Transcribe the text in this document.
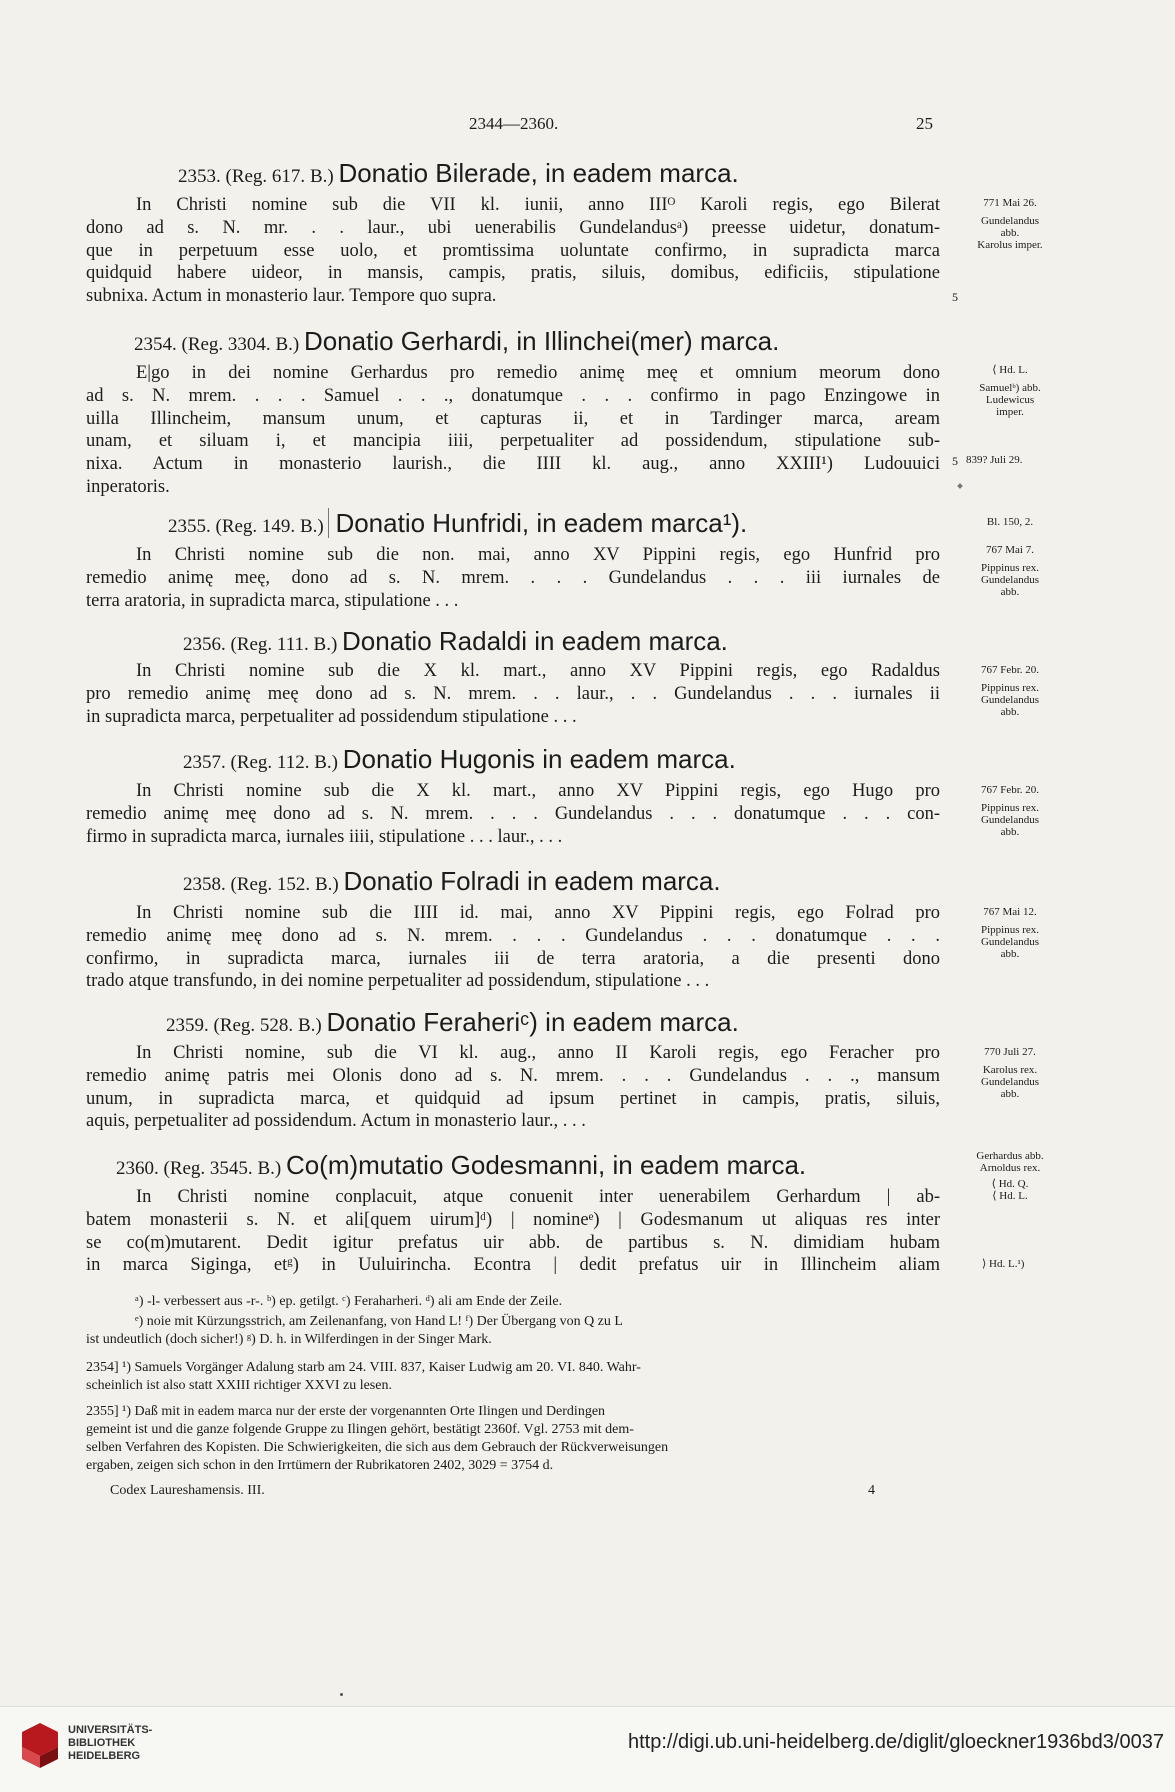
2344—2360.	25
2353. (Reg. 617. B.) Donatio Bilerade, in eadem marca.
In Christi nomine sub die VII kl. iunii, anno IIIᴼ Karoli regis, ego Bilerat
dono ad s. N. mr. . . laur., ubi uenerabilis Gundelandusᵃ) preesse uidetur, donatum-
que in perpetuum esse uolo, et promtissima uoluntate confirmo, in supradicta marca
quidquid habere uideor, in mansis, campis, pratis, siluis, domibus, edificiis, stipulatione
subnixa. Actum in monasterio laur. Tempore quo supra.
771 Mai 26.
Gundelandus
abb.
Karolus imper.
5
2354. (Reg. 3304. B.) Donatio Gerhardi, in Illinchei(mer) marca.
E|go in dei nomine Gerhardus pro remedio animę meę et omnium meorum dono
ad s. N. mrem. . . . Samuel . . ., donatumque . . . confirmo in pago Enzingowe in
uilla Illincheim, mansum unum, et capturas ii, et in Tardinger marca, aream
unam, et siluam i, et mancipia iiii, perpetualiter ad possidendum, stipulatione sub-
nixa. Actum in monasterio laurish., die IIII kl. aug., anno XXIII¹) Ludouuici
inperatoris.
⟨ Hd. L.
Samuelᵇ) abb.
Ludewicus
imper.
5 839? Juli 29.
2355. (Reg. 149. B.) Donatio Hunfridi, in eadem marca¹).
In Christi nomine sub die non. mai, anno XV Pippini regis, ego Hunfrid pro
remedio animę meę, dono ad s. N. mrem. . . . Gundelandus . . . iii iurnales de
terra aratoria, in supradicta marca, stipulatione . . .
Bl. 150, 2.
767 Mai 7.
Pippinus rex.
Gundelandus
abb.
2356. (Reg. 111. B.) Donatio Radaldi in eadem marca.
In Christi nomine sub die X kl. mart., anno XV Pippini regis, ego Radaldus
pro remedio animę meę dono ad s. N. mrem. . . laur., . . Gundelandus . . . iurnales ii
in supradicta marca, perpetualiter ad possidendum stipulatione . . .
767 Febr. 20.
Pippinus rex.
Gundelandus
abb.
2357. (Reg. 112. B.) Donatio Hugonis in eadem marca.
In Christi nomine sub die X kl. mart., anno XV Pippini regis, ego Hugo pro
remedio animę meę dono ad s. N. mrem. . . . Gundelandus . . . donatumque . . . con-
firmo in supradicta marca, iurnales iiii, stipulatione . . . laur., . . .
767 Febr. 20.
Pippinus rex.
Gundelandus
abb.
2358. (Reg. 152. B.) Donatio Folradi in eadem marca.
In Christi nomine sub die IIII id. mai, anno XV Pippini regis, ego Folrad pro
remedio animę meę dono ad s. N. mrem. . . . Gundelandus . . . donatumque . . .
confirmo, in supradicta marca, iurnales iii de terra aratoria, a die presenti dono
trado atque transfundo, in dei nomine perpetualiter ad possidendum, stipulatione . . .
767 Mai 12.
Pippinus rex.
Gundelandus
abb.
2359. (Reg. 528. B.) Donatio Feraheriᶜ) in eadem marca.
In Christi nomine, sub die VI kl. aug., anno II Karoli regis, ego Feracher pro
remedio animę patris mei Olonis dono ad s. N. mrem. . . . Gundelandus . . ., mansum
unum, in supradicta marca, et quidquid ad ipsum pertinet in campis, pratis, siluis,
aquis, perpetualiter ad possidendum. Actum in monasterio laur., . . .
770 Juli 27.
Karolus rex.
Gundelandus
abb.
2360. (Reg. 3545. B.) Co(m)mutatio Godesmanni, in eadem marca.
In Christi nomine conplacuit, atque conuenit inter uenerabilem Gerhardum | ab-
batem monasterii s. N. et ali[quem uirum]ᵈ) | nomineᵉ) | Godesmanum ut aliquas res inter
se co(m)mutarent. Dedit igitur prefatus uir abb. de partibus s. N. dimidiam hubam
in marca Siginga, etᵍ) in Uuluirincha. Econtra | dedit prefatus uir in Illincheim aliam
Gerhardus abb.
Arnoldus rex.
⟨ Hd. Q.
⟨ Hd. L.
⟩ Hd. L.¹)
ᵃ) -l- verbessert aus -r-. ᵇ) ep. getilgt. ᶜ) Feraharheri. ᵈ) ali am Ende der Zeile.
ᵉ) noie mit Kürzungsstrich, am Zeilenanfang, von Hand L! ᶠ) Der Übergang von Q zu L
ist undeutlich (doch sicher!) ᵍ) D. h. in Wilferdingen in der Singer Mark.
2354] ¹) Samuels Vorgänger Adalung starb am 24. VIII. 837, Kaiser Ludwig am 20. VI. 840. Wahr-
scheinlich ist also statt XXIII richtiger XXVI zu lesen.
2355] ¹) Daß mit in eadem marca nur der erste der vorgenannten Orte Ilingen und Derdingen
gemeint ist und die ganze folgende Gruppe zu Ilingen gehört, bestätigt 2360f. Vgl. 2753 mit dem-
selben Verfahren des Kopisten. Die Schwierigkeiten, die sich aus dem Gebrauch der Rückverweisungen
ergaben, zeigen sich schon in den Irrtümern der Rubrikatoren 2402, 3029 = 3754 d.
Codex Laureshamensis. III.	4
UNIVERSITÄTS-
BIBLIOTHEK
HEIDELBERG
http://digi.ub.uni-heidelberg.de/diglit/gloeckner1936bd3/0037
